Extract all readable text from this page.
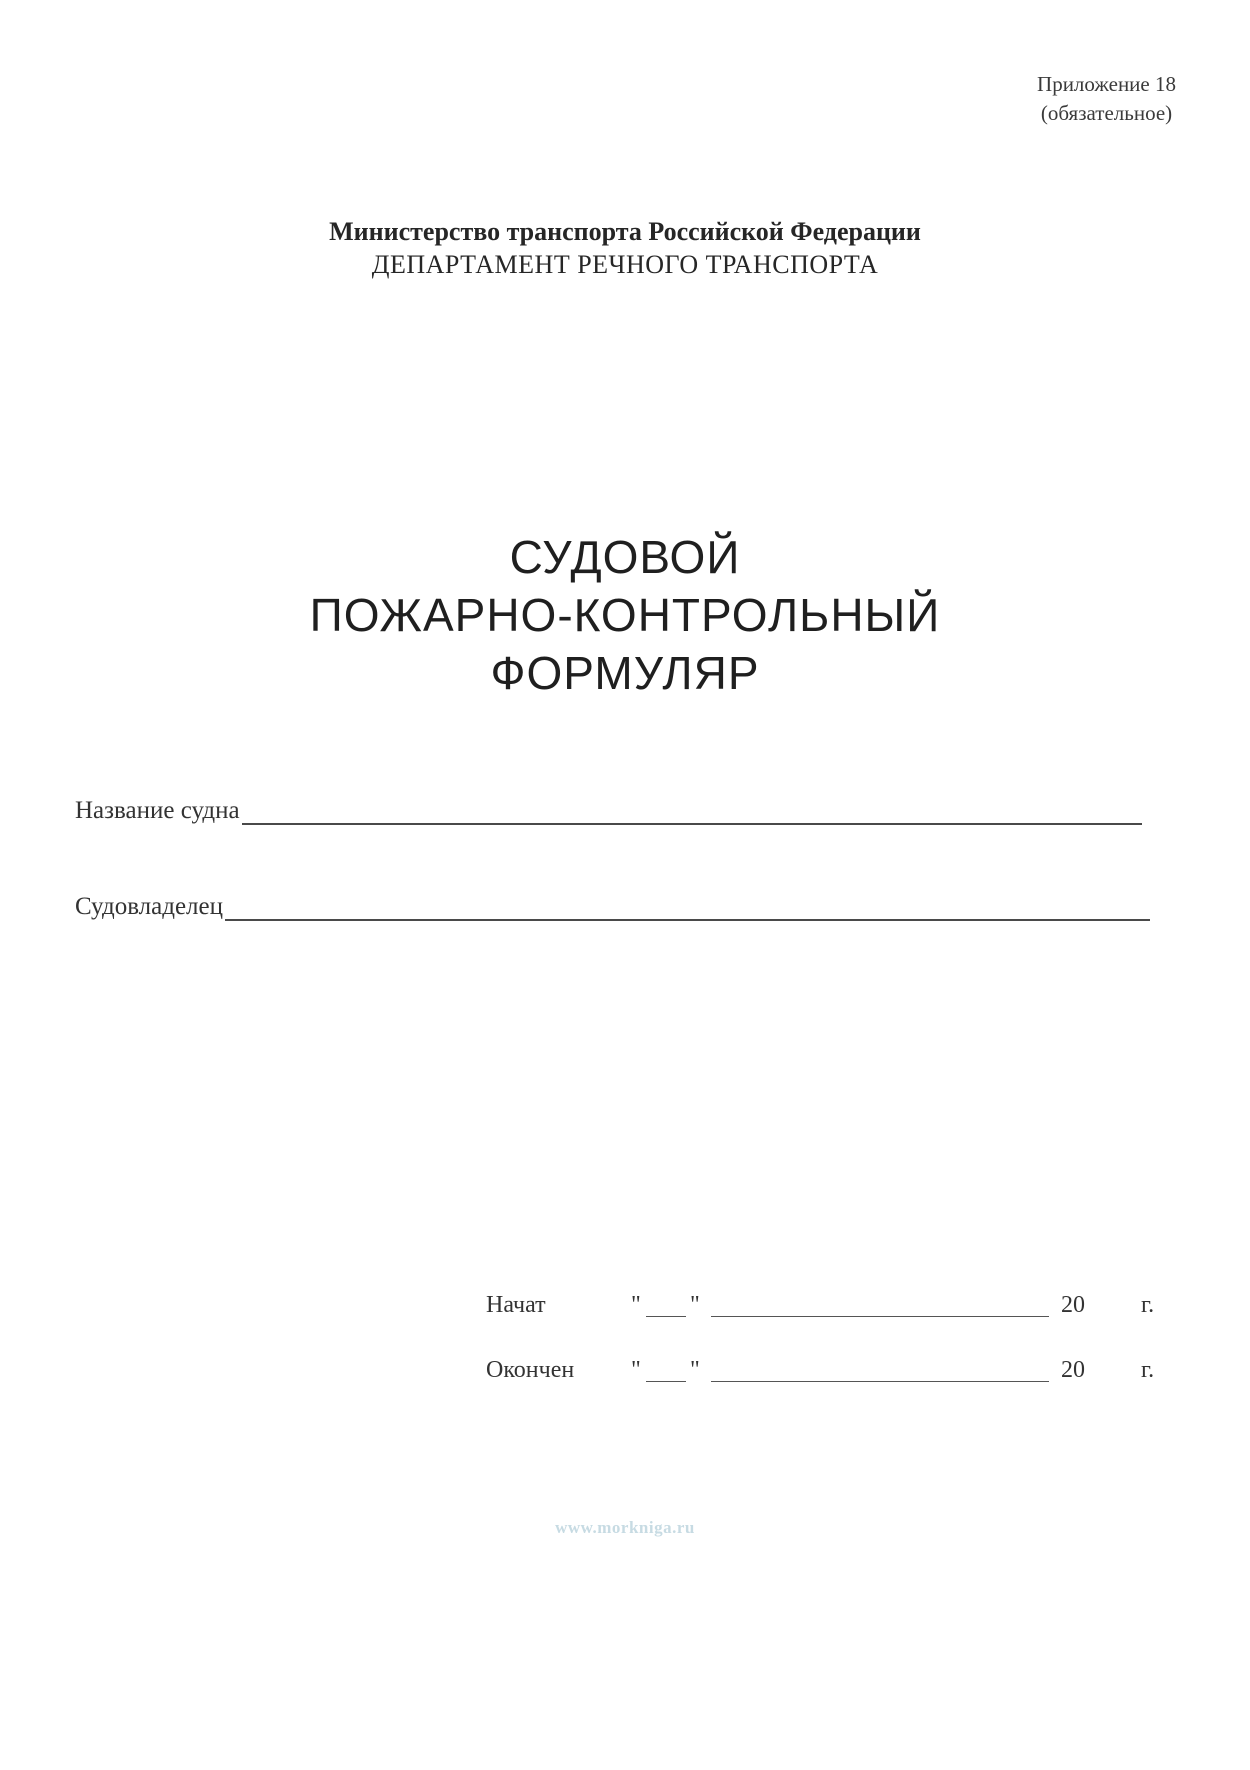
Приложение 18
(обязательное)
Министерство транспорта Российской Федерации
ДЕПАРТАМЕНТ РЕЧНОГО ТРАНСПОРТА
СУДОВОЙ
ПОЖАРНО-КОНТРОЛЬНЫЙ
ФОРМУЛЯР
Название судна
Судовладелец
Начат	" "	20 г.
Окончен " "	20 г.
www.morkniga.ru
